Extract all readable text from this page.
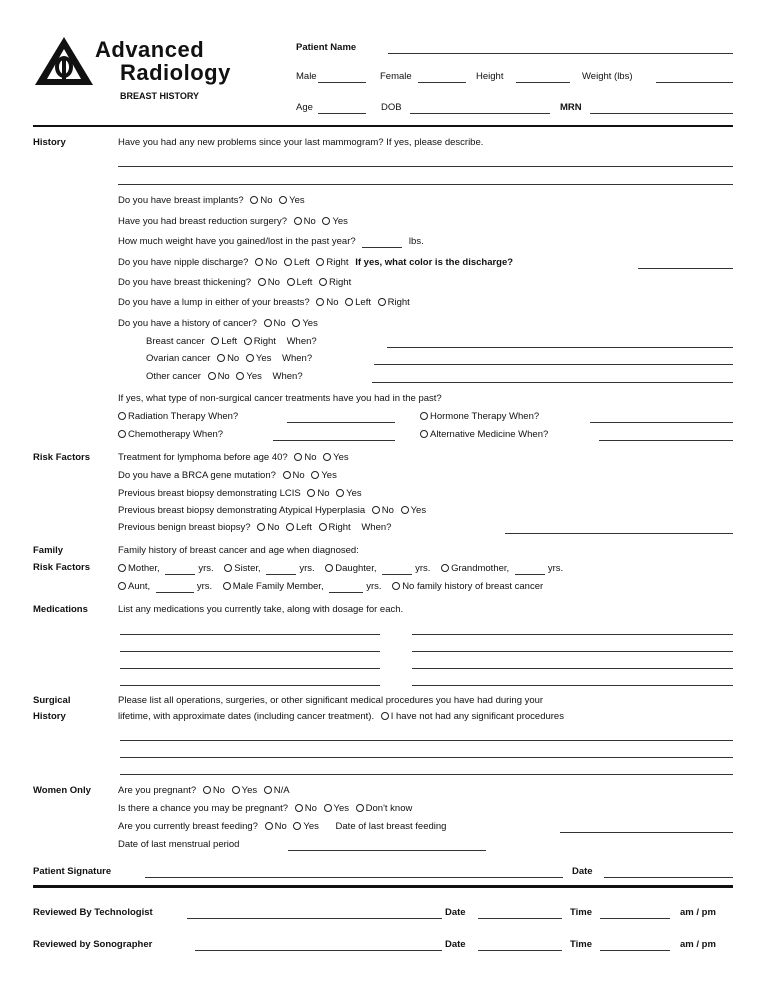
Advanced
Radiology
BREAST HISTORY
Patient Name
Male	Female	Height	Weight (lbs)
Age	DOB	MRN
History	Have you had any new problems since your last mammogram? If yes, please describe.
Do you have breast implants? No Yes
Have you had breast reduction surgery? No Yes
How much weight have you gained/lost in the past year?	lbs.
Do you have nipple discharge? No Left Right If yes, what color is the discharge?
Do you have breast thickening? No Left Right
Do you have a lump in either of your breasts? No Left Right
Do you have a history of cancer? No Yes
Breast cancer Left Right When?
Ovarian cancer No Yes When?
Other cancer No Yes When?
If yes, what type of non-surgical cancer treatments have you had in the past?
Radiation Therapy When?	Hormone Therapy When?
Chemotherapy When?	Alternative Medicine When?
Risk Factors	Treatment for lymphoma before age 40? No Yes
Do you have a BRCA gene mutation? No Yes
Previous breast biopsy demonstrating LCIS No Yes
Previous breast biopsy demonstrating Atypical Hyperplasia No Yes
Previous benign breast biopsy? No Left Right When?
Family
Risk Factors
Family history of breast cancer and age when diagnosed:
Mother,	yrs. Sister,	yrs. Daughter,	yrs. Grandmother,	yrs.
Aunt,	yrs. Male Family Member,	yrs. No family history of breast cancer
Medications	List any medications you currently take, along with dosage for each.
Surgical
History
Please list all operations, surgeries, or other significant medical procedures you have had during your
lifetime, with approximate dates (including cancer treatment). I have not had any significant procedures
Women Only	Are you pregnant? No Yes N/A
Is there a chance you may be pregnant? No Yes Don't know
Are you currently breast feeding? No Yes Date of last breast feeding
Date of last menstrual period
Patient Signature	Date
Reviewed By Technologist	Date	Time	am / pm
Reviewed by Sonographer	Date	Time	am / pm
